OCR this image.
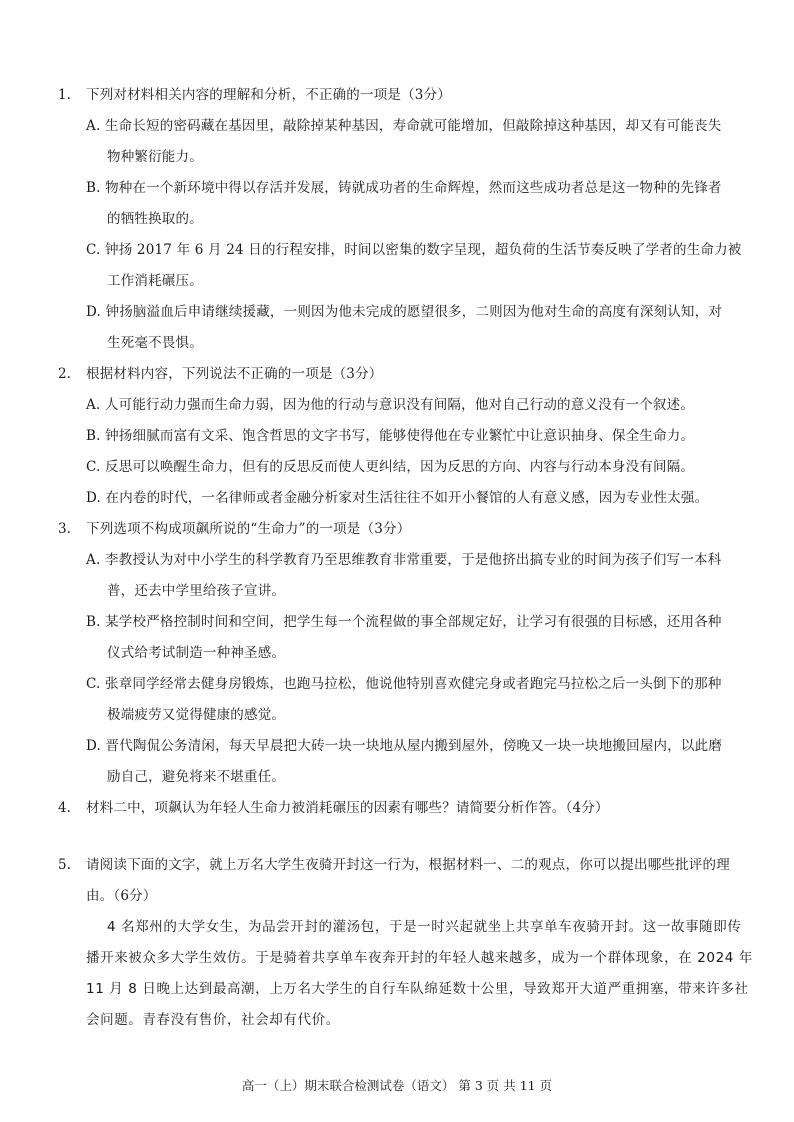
1. 下列对材料相关内容的理解和分析，不正确的一项是（3分）
A. 生命长短的密码藏在基因里，敲除掉某种基因，寿命就可能增加，但敲除掉这种基因，却又有可能丧失
物种繁衍能力。
B. 物种在一个新环境中得以存活并发展，铸就成功者的生命辉煌，然而这些成功者总是这一物种的先锋者
的牺牲换取的。
C. 钟扬 2017 年 6 月 24 日的行程安排，时间以密集的数字呈现，超负荷的生活节奏反映了学者的生命力被
工作消耗碾压。
D. 钟扬脑溢血后申请继续援藏，一则因为他未完成的愿望很多，二则因为他对生命的高度有深刻认知，对
生死毫不畏惧。
2. 根据材料内容，下列说法不正确的一项是（3分）
A. 人可能行动力强而生命力弱，因为他的行动与意识没有间隔，他对自己行动的意义没有一个叙述。
B. 钟扬细腻而富有文采、饱含哲思的文字书写，能够使得他在专业繁忙中让意识抽身、保全生命力。
C. 反思可以唤醒生命力，但有的反思反而使人更纠结，因为反思的方向、内容与行动本身没有间隔。
D. 在内卷的时代，一名律师或者金融分析家对生活往往不如开小餐馆的人有意义感，因为专业性太强。
3. 下列选项不构成项飙所说的“生命力”的一项是（3分）
A. 李教授认为对中小学生的科学教育乃至思维教育非常重要，于是他挤出搞专业的时间为孩子们写一本科
普，还去中学里给孩子宣讲。
B. 某学校严格控制时间和空间，把学生每一个流程做的事全部规定好，让学习有很强的目标感，还用各种
仪式给考试制造一种神圣感。
C. 张章同学经常去健身房锻炼，也跑马拉松，他说他特别喜欢健完身或者跑完马拉松之后一头倒下的那种
极端疲劳又觉得健康的感觉。
D. 晋代陶侃公务清闲，每天早晨把大砖一块一块地从屋内搬到屋外，傍晚又一块一块地搬回屋内，以此磨
励自己，避免将来不堪重任。
4. 材料二中，项飙认为年轻人生命力被消耗碾压的因素有哪些？请简要分析作答。（4分）
5. 请阅读下面的文字，就上万名大学生夜骑开封这一行为，根据材料一、二的观点，你可以提出哪些批评的理
由。（6分）
4 名郑州的大学女生，为品尝开封的灌汤包，于是一时兴起就坐上共享单车夜骑开封。这一故事随即传
播开来被众多大学生效仿。于是骑着共享单车夜奔开封的年轻人越来越多，成为一个群体现象，在 2024 年
11 月 8 日晚上达到最高潮，上万名大学生的自行车队绵延数十公里，导致郑开大道严重拥塞，带来许多社
会问题。青春没有售价，社会却有代价。
高一（上）期末联合检测试卷（语文） 第 3 页 共 11 页
